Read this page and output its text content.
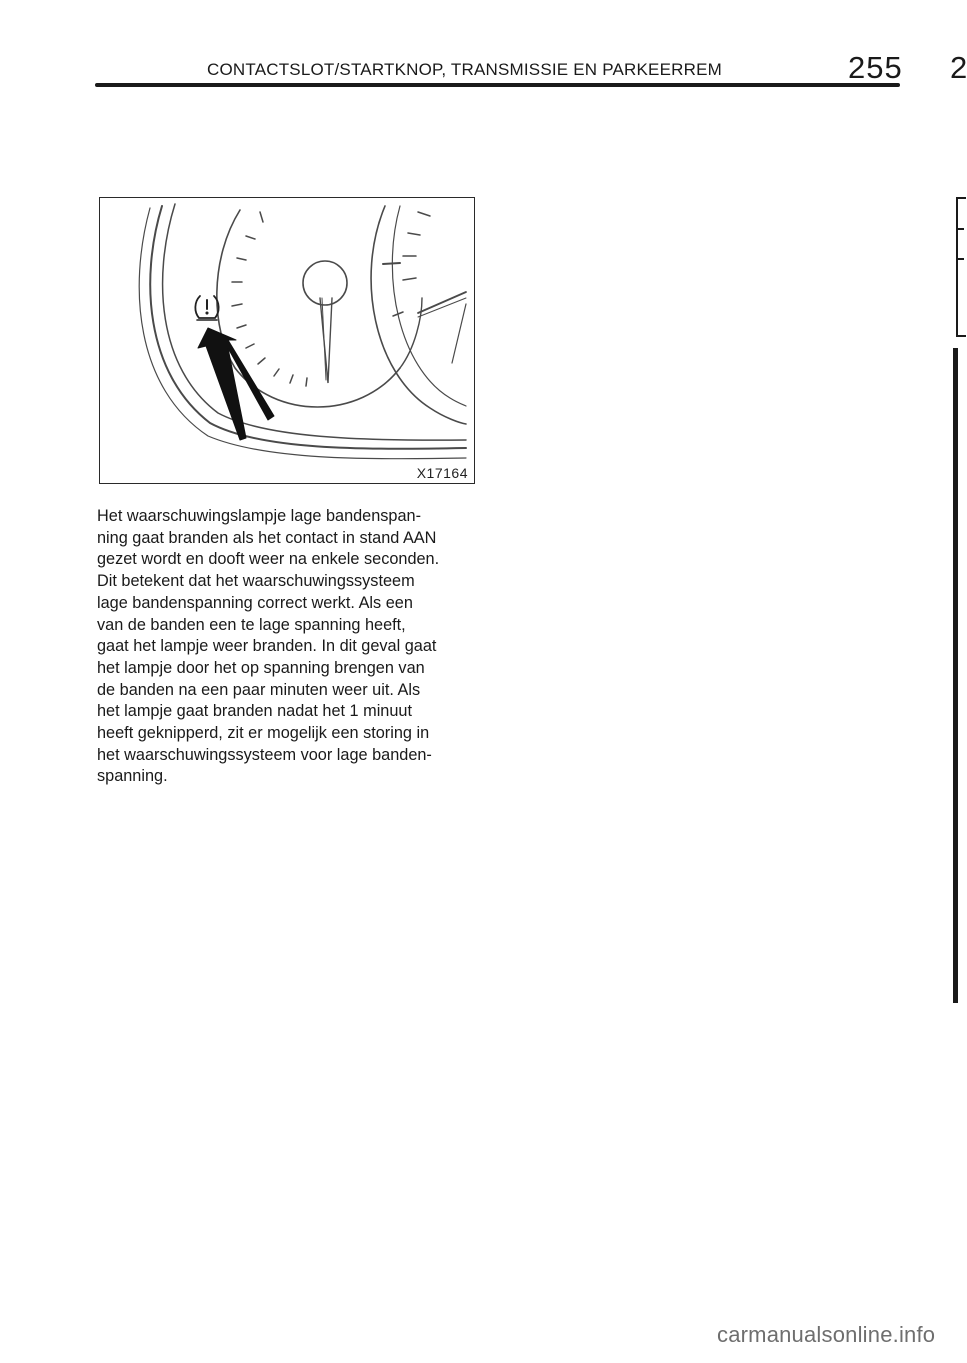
CONTACTSLOT/STARTKNOP, TRANSMISSIE EN PARKEERREM	255 2
X17164
Het waarschuwingslampje lage bandenspan-
ning gaat branden als het contact in stand AAN
gezet wordt en dooft weer na enkele seconden.
Dit betekent dat het waarschuwingssysteem
lage bandenspanning correct werkt. Als een
van de banden een te lage spanning heeft,
gaat het lampje weer branden. In dit geval gaat
het lampje door het op spanning brengen van
de banden na een paar minuten weer uit. Als
het lampje gaat branden nadat het 1 minuut
heeft geknipperd, zit er mogelijk een storing in
het waarschuwingssysteem voor lage banden-
spanning.
carmanualsonline.info
